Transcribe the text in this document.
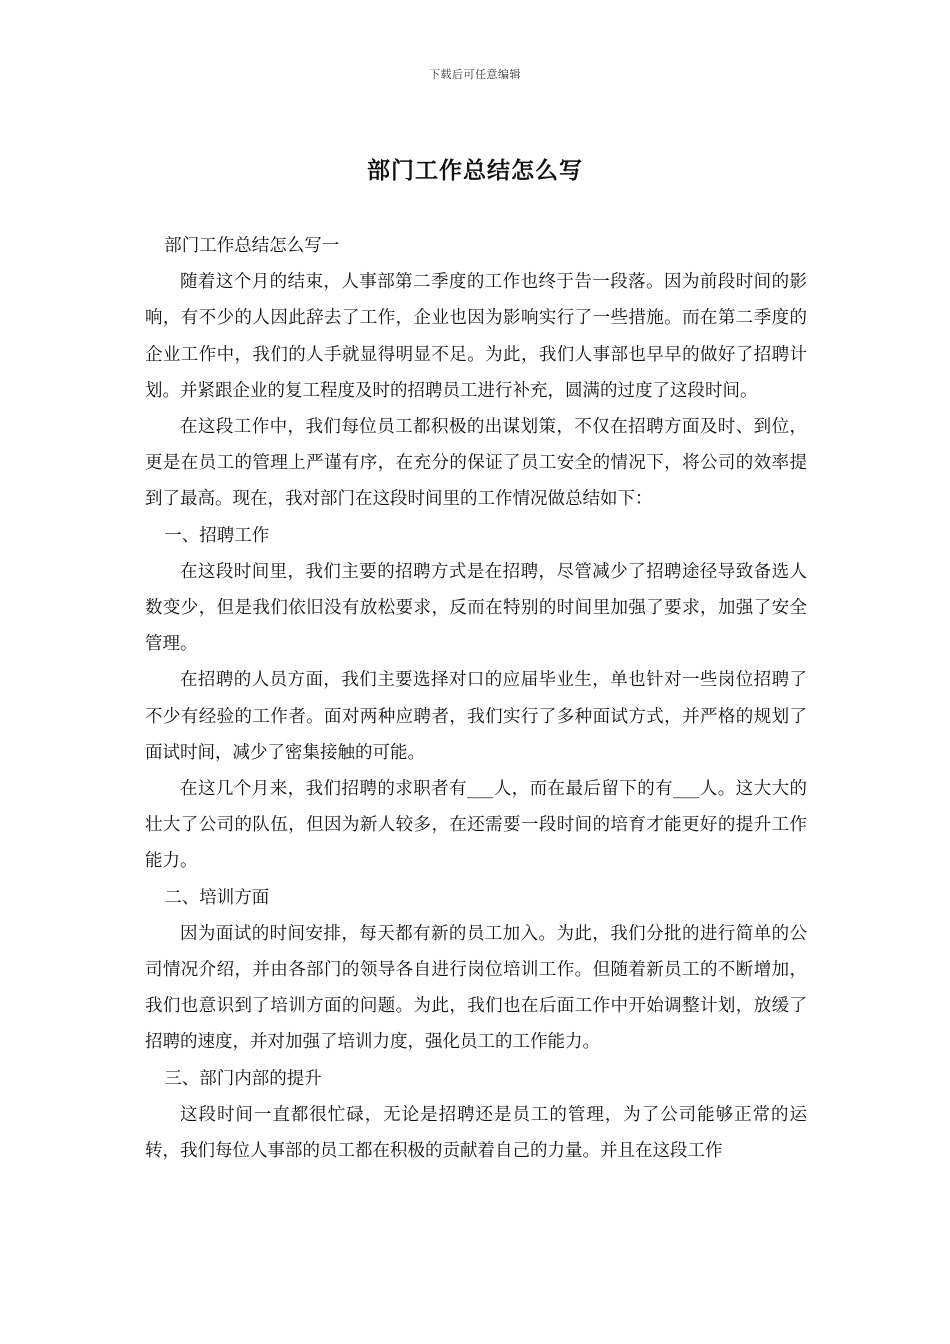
下载后可任意编辑
部门工作总结怎么写

部门工作总结怎么写一

随着这个月的结束，人事部第二季度的工作也终于告一段落。因为前段时间的影响，有不少的人因此辞去了工作，企业也因为影响实行了一些措施。而在第二季度的企业工作中，我们的人手就显得明显不足。为此，我们人事部也早早的做好了招聘计划。并紧跟企业的复工程度及时的招聘员工进行补充，圆满的过度了这段时间。

在这段工作中，我们每位员工都积极的出谋划策，不仅在招聘方面及时、到位，更是在员工的管理上严谨有序，在充分的保证了员工安全的情况下，将公司的效率提到了最高。现在，我对部门在这段时间里的工作情况做总结如下：

一、招聘工作

在这段时间里，我们主要的招聘方式是在招聘，尽管减少了招聘途径导致备选人数变少，但是我们依旧没有放松要求，反而在特别的时间里加强了要求，加强了安全管理。

在招聘的人员方面，我们主要选择对口的应届毕业生，单也针对一些岗位招聘了不少有经验的工作者。面对两种应聘者，我们实行了多种面试方式，并严格的规划了面试时间，减少了密集接触的可能。

在这几个月来，我们招聘的求职者有___人，而在最后留下的有___人。这大大的壮大了公司的队伍，但因为新人较多，在还需要一段时间的培育才能更好的提升工作能力。

二、培训方面

因为面试的时间安排，每天都有新的员工加入。为此，我们分批的进行简单的公司情况介绍，并由各部门的领导各自进行岗位培训工作。但随着新员工的不断增加，我们也意识到了培训方面的问题。为此，我们也在后面工作中开始调整计划，放缓了招聘的速度，并对加强了培训力度，强化员工的工作能力。

三、部门内部的提升

这段时间一直都很忙碌，无论是招聘还是员工的管理，为了公司能够正常的运转，我们每位人事部的员工都在积极的贡献着自己的力量。并且在这段工作
